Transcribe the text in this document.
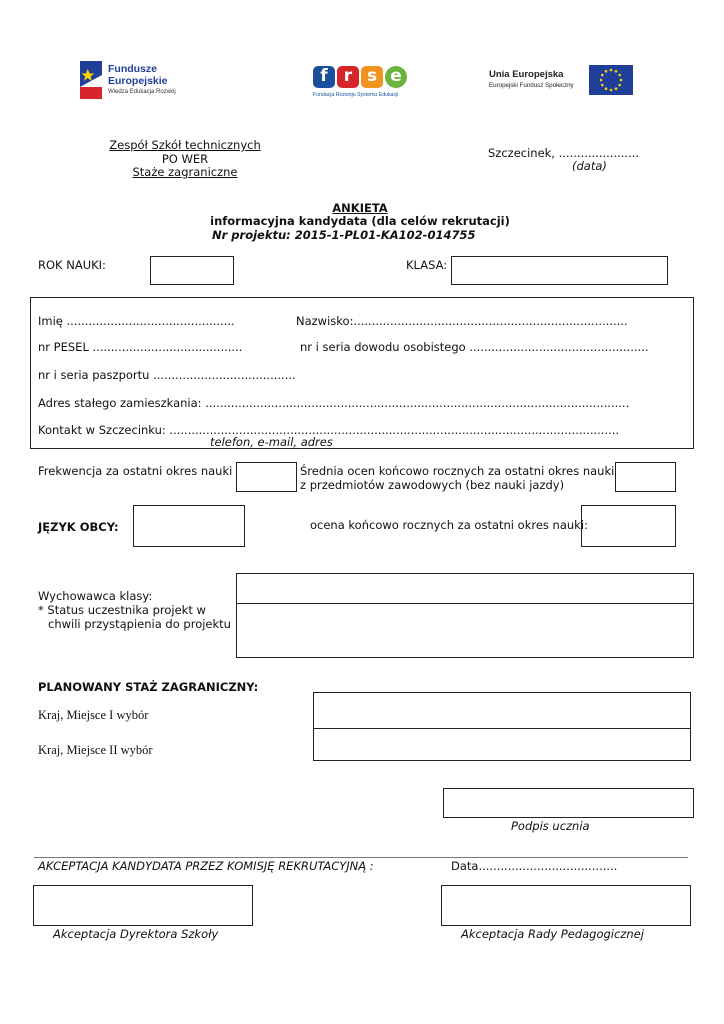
Fundusze
Europejskie
Wiedza Edukacja Rozwój
f r s e
Fundacja Rozwoju Systemu Edukacji
Unia Europejska
Europejski Fundusz Społeczny
Zespół Szkół technicznych
PO WER
Staże zagraniczne
Szczecinek, ......................
(data)
ANKIETA
informacyjna kandydata (dla celów rekrutacji)
Nr projektu: 2015-1-PL01-KA102-014755
ROK NAUKI:	KLASA:
Imię ..............................................	Nazwisko:...........................................................................
nr PESEL .........................................	nr i seria dowodu osobistego .................................................
nr i seria paszportu .......................................
Adres stałego zamieszkania: ....................................................................................................................
Kontakt w Szczecinku: ...........................................................................................................................
telefon, e-mail, adres
Frekwencja za ostatni okres nauki	Średnia ocen końcowo rocznych za ostatni okres nauki
z przedmiotów zawodowych (bez nauki jazdy)
JĘZYK OBCY:	ocena końcowo rocznych za ostatni okres nauki:
Wychowawca klasy:
* Status uczestnika projekt w
chwili przystąpienia do projektu
PLANOWANY STAŻ ZAGRANICZNY:
Kraj, Miejsce I wybór
Kraj, Miejsce II wybór
Podpis ucznia
AKCEPTACJA KANDYDATA PRZEZ KOMISJĘ REKRUTACYJNĄ :	Data......................................
Akceptacja Dyrektora Szkoły	Akceptacja Rady Pedagogicznej
